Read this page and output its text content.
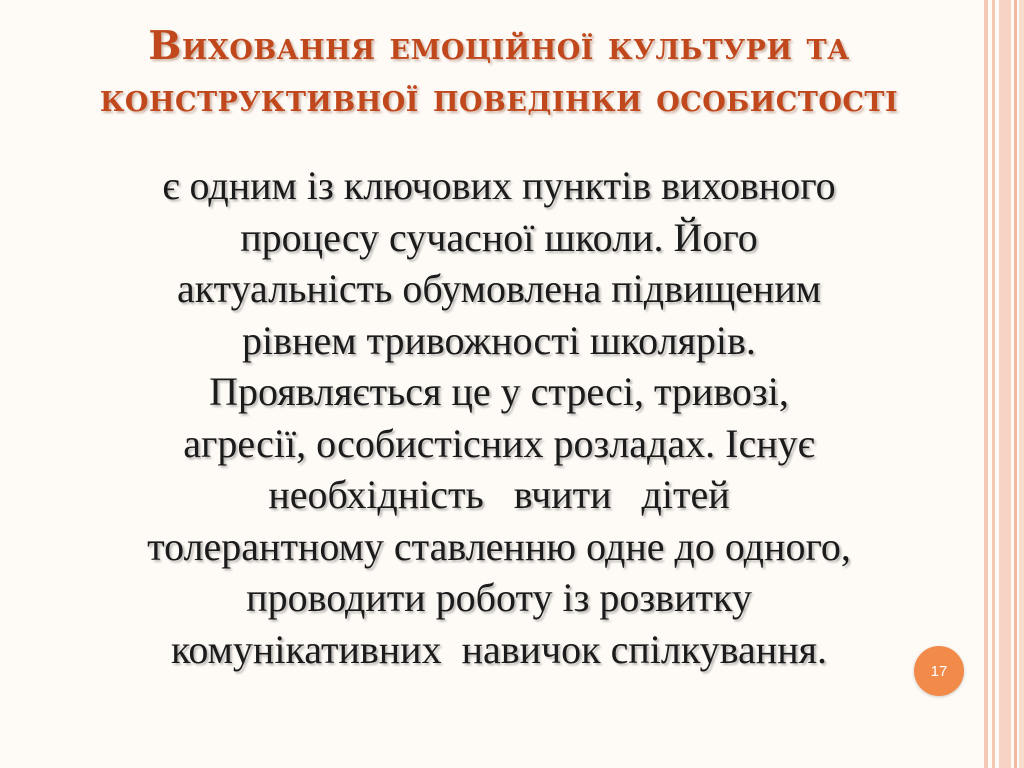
Виховання емоційної культури та
конструктивної поведінки особистості
є одним із ключових пунктів виховного
процесу сучасної школи. Його
актуальність обумовлена підвищеним
рівнем тривожності школярів.
Проявляється це у стресі, тривозі,
агресії, особистісних розладах. Існує
необхідність   вчити   дітей
толерантному ставленню одне до одного,
проводити роботу із розвитку
комунікативних  навичок спілкування.	17
